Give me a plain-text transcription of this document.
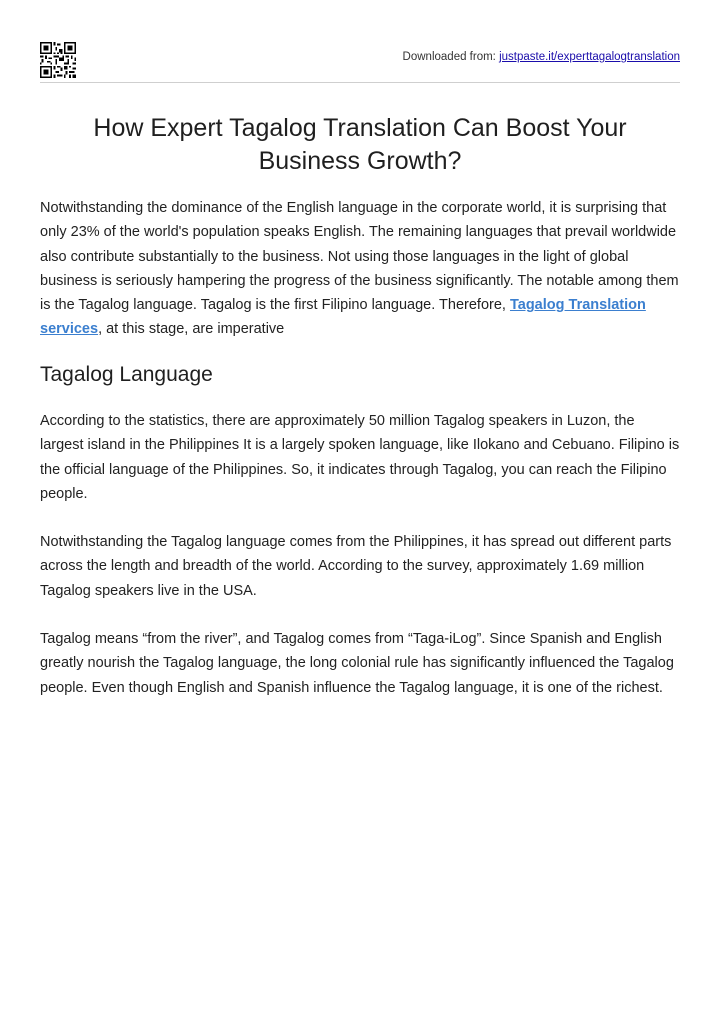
Downloaded from: justpaste.it/experttagalogtranslation
How Expert Tagalog Translation Can Boost Your Business Growth?

Notwithstanding the dominance of the English language in the corporate world, it is surprising that only 23% of the world's population speaks English. The remaining languages that prevail worldwide also contribute substantially to the business. Not using those languages in the light of global business is seriously hampering the progress of the business significantly. The notable among them is the Tagalog language. Tagalog is the first Filipino language. Therefore, Tagalog Translation services, at this stage, are imperative

Tagalog Language

According to the statistics, there are approximately 50 million Tagalog speakers in Luzon, the largest island in the Philippines It is a largely spoken language, like Ilokano and Cebuano. Filipino is the official language of the Philippines. So, it indicates through Tagalog, you can reach the Filipino people.

Notwithstanding the Tagalog language comes from the Philippines, it has spread out different parts across the length and breadth of the world. According to the survey, approximately 1.69 million Tagalog speakers live in the USA.

Tagalog means “from the river”, and Tagalog comes from “Taga-iLog”. Since Spanish and English greatly nourish the Tagalog language, the long colonial rule has significantly influenced the Tagalog people. Even though English and Spanish influence the Tagalog language, it is one of the richest.
